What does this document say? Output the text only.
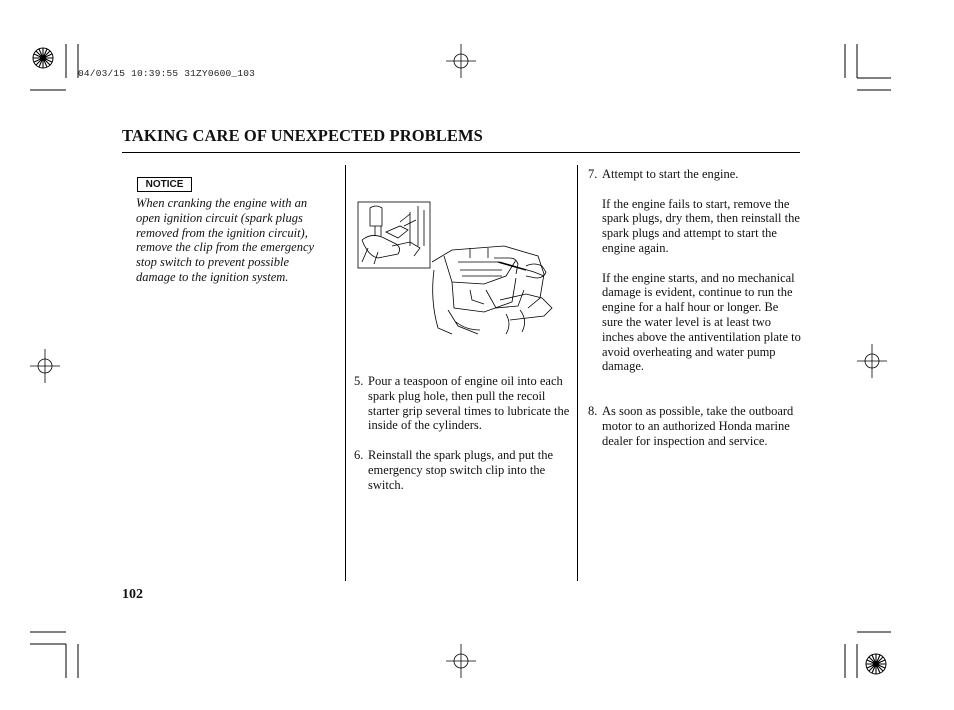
04/03/15 10:39:55 31ZY0600_103
TAKING CARE OF UNEXPECTED PROBLEMS
NOTICE
When cranking the engine with an open ignition circuit (spark plugs removed from the ignition circuit), remove the clip from the emergency stop switch to prevent possible damage to the ignition system.
5. Pour a teaspoon of engine oil into each spark plug hole, then pull the recoil starter grip several times to lubricate the inside of the cylinders.

6. Reinstall the spark plugs, and put the emergency stop switch clip into the switch.

7. Attempt to start the engine.

If the engine fails to start, remove the spark plugs, dry them, then reinstall the spark plugs and attempt to start the engine again.

If the engine starts, and no mechanical damage is evident, continue to run the engine for a half hour or longer. Be sure the water level is at least two inches above the antiventilation plate to avoid overheating and water pump damage.

8. As soon as possible, take the outboard motor to an authorized Honda marine dealer for inspection and service.

102
